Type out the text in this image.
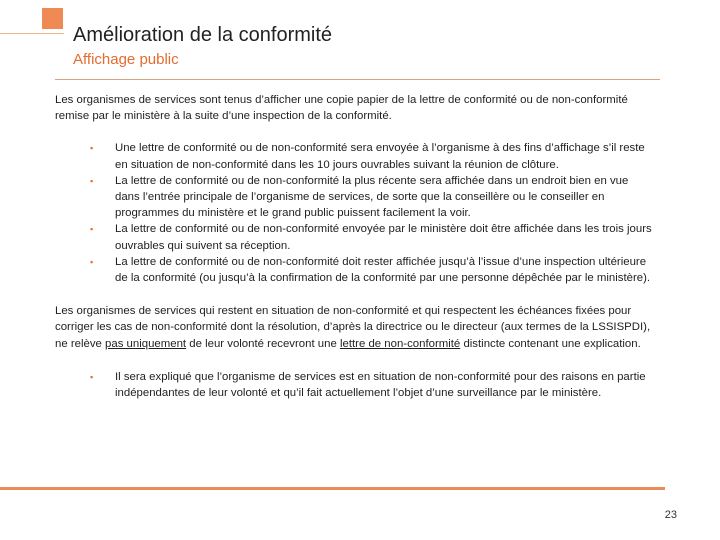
Amélioration de la conformité
Affichage public

Les organismes de services sont tenus d’afficher une copie papier de la lettre de conformité ou de non-conformité remise par le ministère à la suite d’une inspection de la conformité.

▪ Une lettre de conformité ou de non-conformité sera envoyée à l’organisme à des fins d’affichage s’il reste en situation de non-conformité dans les 10 jours ouvrables suivant la réunion de clôture.
▪ La lettre de conformité ou de non-conformité la plus récente sera affichée dans un endroit bien en vue dans l’entrée principale de l’organisme de services, de sorte que la conseillère ou le conseiller en programmes du ministère et le grand public puissent facilement la voir.
▪ La lettre de conformité ou de non-conformité envoyée par le ministère doit être affichée dans les trois jours ouvrables qui suivent sa réception.
▪ La lettre de conformité ou de non-conformité doit rester affichée jusqu’à l’issue d’une inspection ultérieure de la conformité (ou jusqu’à la confirmation de la conformité par une personne dépêchée par le ministère).

Les organismes de services qui restent en situation de non-conformité et qui respectent les échéances fixées pour corriger les cas de non-conformité dont la résolution, d’après la directrice ou le directeur (aux termes de la LSSISPDI), ne relève pas uniquement de leur volonté recevront une lettre de non-conformité distincte contenant une explication.

▪ Il sera expliqué que l’organisme de services est en situation de non-conformité pour des raisons en partie indépendantes de leur volonté et qu’il fait actuellement l’objet d’une surveillance par le ministère.
23
